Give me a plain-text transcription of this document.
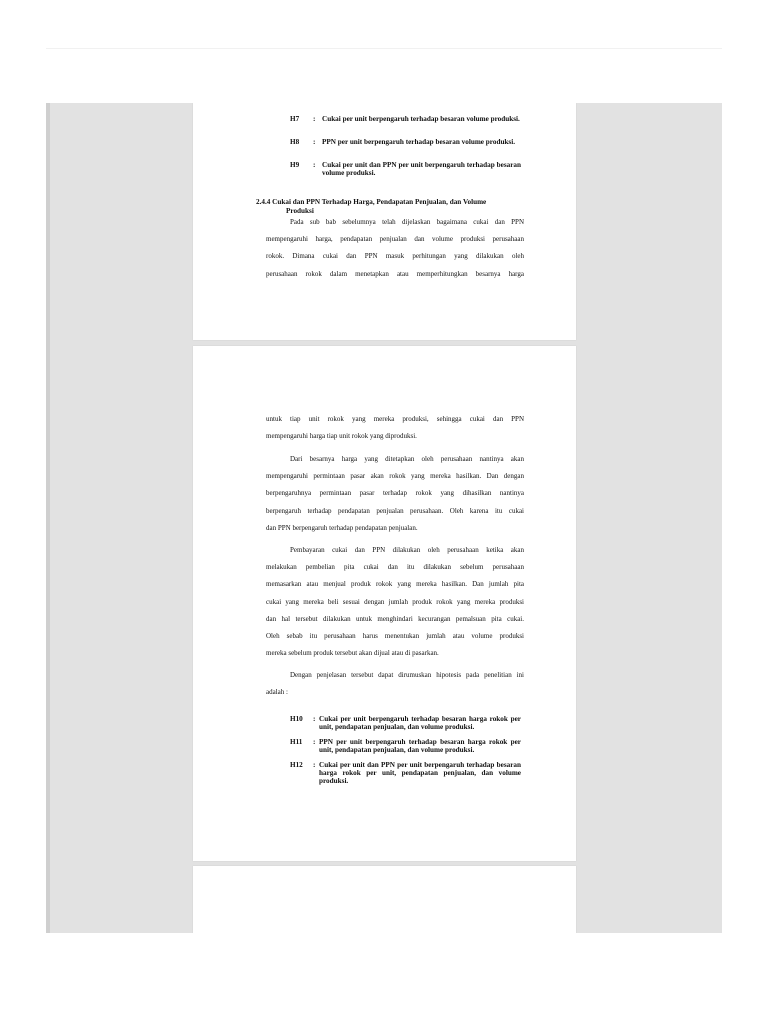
H7 : Cukai per unit berpengaruh terhadap besaran volume produksi.
H8 : PPN per unit berpengaruh terhadap besaran volume produksi.
H9 : Cukai per unit dan PPN per unit berpengaruh terhadap besaran volume produksi.
2.4.4 Cukai dan PPN Terhadap Harga, Pendapatan Penjualan, dan Volume
Produksi
Pada sub bab sebelumnya telah dijelaskan bagaimana cukai dan PPN
mempengaruhi harga, pendapatan penjualan dan volume produksi perusahaan
rokok. Dimana cukai dan PPN masuk perhitungan yang dilakukan oleh
perusahaan rokok dalam menetapkan atau memperhitungkan besarnya harga
untuk tiap unit rokok yang mereka produksi, sehingga cukai dan PPN
mempengaruhi harga tiap unit rokok yang diproduksi.
Dari besarnya harga yang ditetapkan oleh perusahaan nantinya akan
mempengaruhi permintaan pasar akan rokok yang mereka hasilkan. Dan dengan
berpengaruhnya permintaan pasar terhadap rokok yang dihasilkan nantinya
berpengaruh terhadap pendapatan penjualan perusahaan. Oleh karena itu cukai
dan PPN berpengaruh terhadap pendapatan penjualan.
Pembayaran cukai dan PPN dilakukan oleh perusahaan ketika akan
melakukan pembelian pita cukai dan itu dilakukan sebelum perusahaan
memasarkan atau menjual produk rokok yang mereka hasilkan. Dan jumlah pita
cukai yang mereka beli sesuai dengan jumlah produk rokok yang mereka produksi
dan hal tersebut dilakukan untuk menghindari kecurangan pemalsuan pita cukai.
Oleh sebab itu perusahaan harus menentukan jumlah atau volume produksi
mereka sebelum produk tersebut akan dijual atau di pasarkan.
Dengan penjelasan tersebut dapat dirumuskan hipotesis pada penelitian ini
adalah :
H10 : Cukai per unit berpengaruh terhadap besaran harga rokok per unit, pendapatan penjualan, dan volume produksi.
H11 : PPN per unit berpengaruh terhadap besaran harga rokok per unit, pendapatan penjualan, dan volume produksi.
H12 : Cukai per unit dan PPN per unit berpengaruh terhadap besaran harga rokok per unit, pendapatan penjualan, dan volume produksi.
